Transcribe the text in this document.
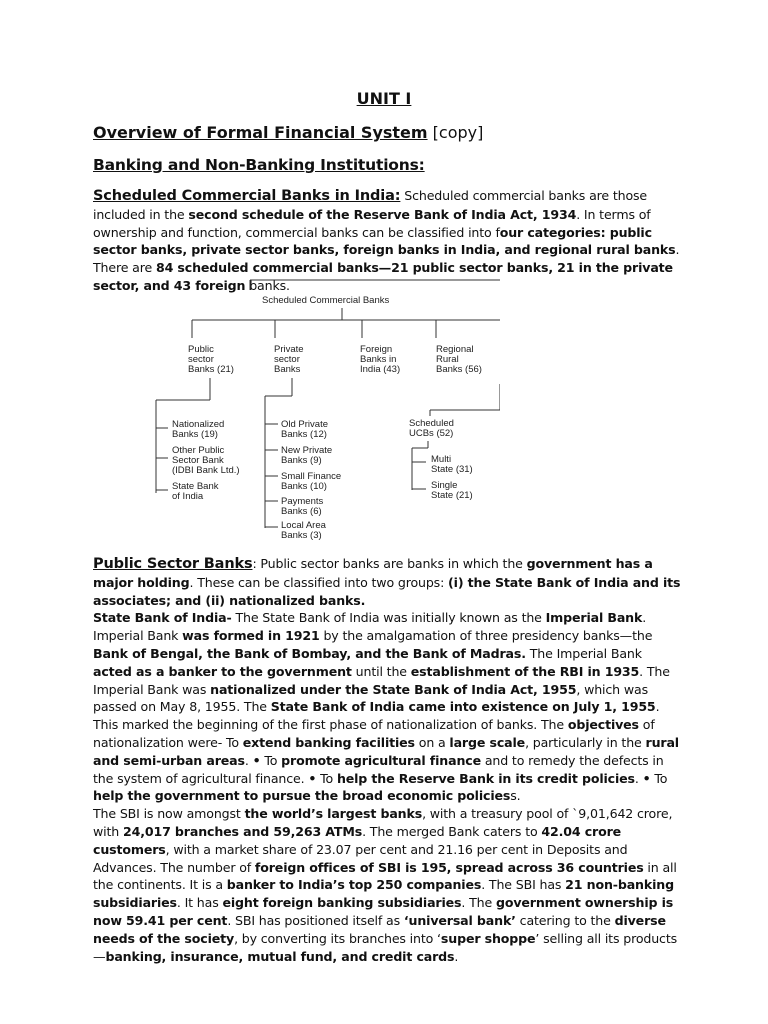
UNIT I
Overview of Formal Financial System [copy]
Banking and Non-Banking Institutions:
Scheduled Commercial Banks in India: Scheduled commercial banks are those included in the second schedule of the Reserve Bank of India Act, 1934. In terms of ownership and function, commercial banks can be classified into four categories: public sector banks, private sector banks, foreign banks in India, and regional rural banks. There are 84 scheduled commercial banks—21 public sector banks, 21 in the private sector, and 43 foreign banks.
Scheduled Commercial Banks
Public
sector
Banks (21)
Private
sector
Banks
Foreign
Banks in
India (43)
Regional
Rural
Banks (56)
Nationalized
Banks (19)
Other Public
Sector Bank
(IDBI Bank Ltd.)
State Bank
of India
Old Private
Banks (12)
New Private
Banks (9)
Small Finance
Banks (10)
Payments
Banks (6)
Local Area
Banks (3)
Scheduled
UCBs (52)
Multi
State (31)
Single
State (21)
Public Sector Banks: Public sector banks are banks in which the government has a major holding. These can be classified into two groups: (i) the State Bank of India and its associates; and (ii) nationalized banks.
State Bank of India- The State Bank of India was initially known as the Imperial Bank. Imperial Bank was formed in 1921 by the amalgamation of three presidency banks—the Bank of Bengal, the Bank of Bombay, and the Bank of Madras. The Imperial Bank acted as a banker to the government until the establishment of the RBI in 1935. The Imperial Bank was nationalized under the State Bank of India Act, 1955, which was passed on May 8, 1955. The State Bank of India came into existence on July 1, 1955. This marked the beginning of the first phase of nationalization of banks. The objectives of nationalization were- To extend banking facilities on a large scale, particularly in the rural and semi-urban areas. • To promote agricultural finance and to remedy the defects in the system of agricultural finance. • To help the Reserve Bank in its credit policies. • To help the government to pursue the broad economic policiess.
The SBI is now amongst the world’s largest banks, with a treasury pool of `9,01,642 crore, with 24,017 branches and 59,263 ATMs. The merged Bank caters to 42.04 crore customers, with a market share of 23.07 per cent and 21.16 per cent in Deposits and Advances. The number of foreign offices of SBI is 195, spread across 36 countries in all the continents. It is a banker to India’s top 250 companies. The SBI has 21 non-banking subsidiaries. It has eight foreign banking subsidiaries. The government ownership is now 59.41 per cent. SBI has positioned itself as ‘universal bank’ catering to the diverse needs of the society, by converting its branches into ‘super shoppe’ selling all its products—banking, insurance, mutual fund, and credit cards.
